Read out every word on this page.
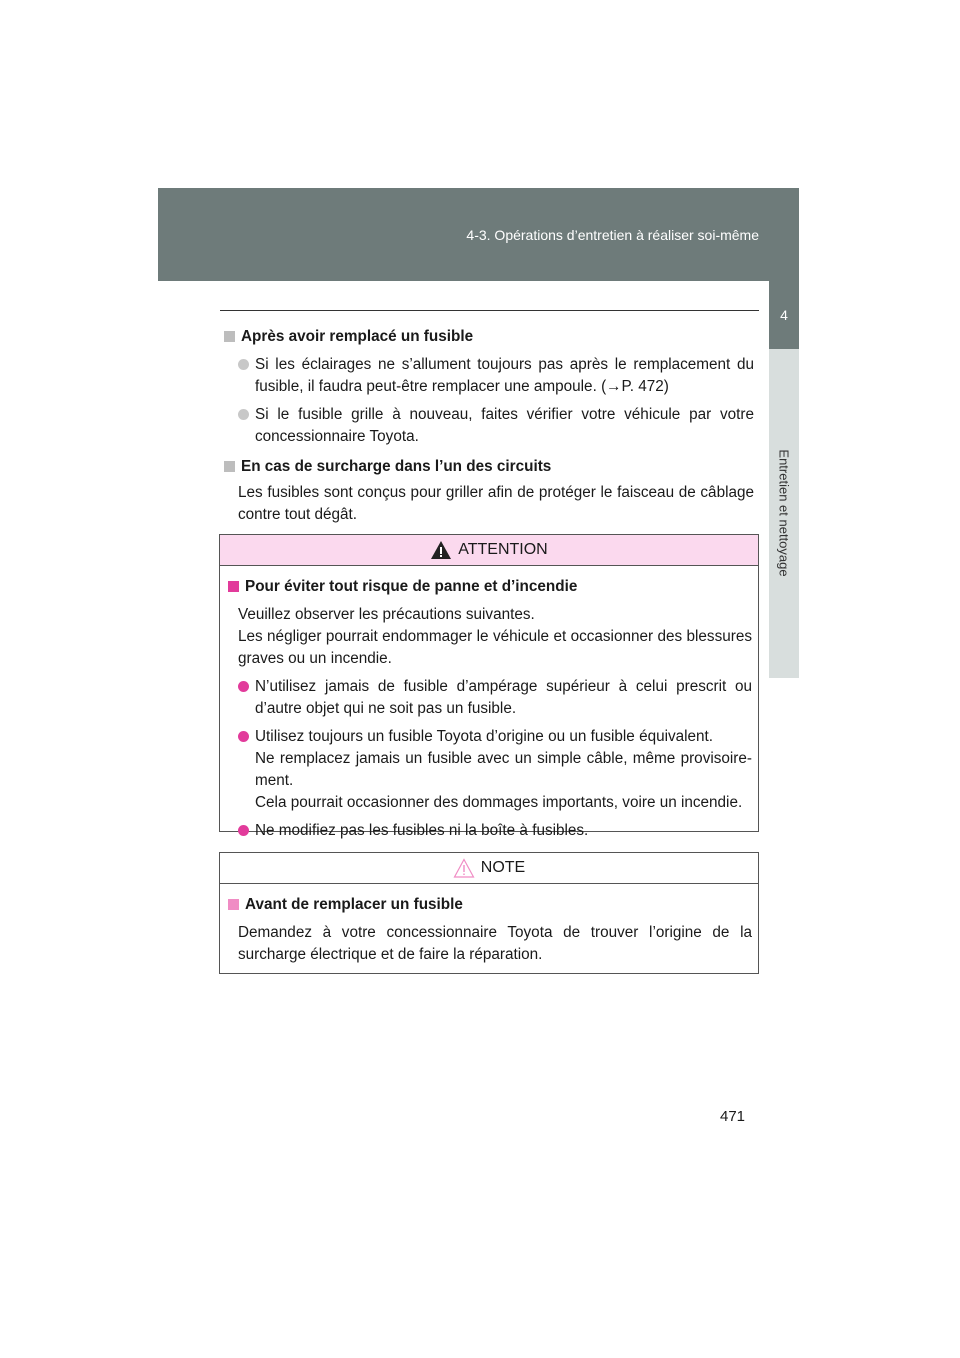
4-3. Opérations d’entretien à réaliser soi-même
4
Entretien et nettoyage
Après avoir remplacé un fusible
Si les éclairages ne s’allument toujours pas après le remplacement du fusible, il faudra peut-être remplacer une ampoule. (→P. 472)
Si le fusible grille à nouveau, faites vérifier votre véhicule par votre concessionnaire Toyota.
En cas de surcharge dans l’un des circuits
Les fusibles sont conçus pour griller afin de protéger le faisceau de câblage contre tout dégât.
ATTENTION
Pour éviter tout risque de panne et d’incendie
Veuillez observer les précautions suivantes.
Les négliger pourrait endommager le véhicule et occasionner des blessures graves ou un incendie.
N’utilisez jamais de fusible d’ampérage supérieur à celui prescrit ou d’autre objet qui ne soit pas un fusible.
Utilisez toujours un fusible Toyota d’origine ou un fusible équivalent.
Ne remplacez jamais un fusible avec un simple câble, même provisoire-ment.
Cela pourrait occasionner des dommages importants, voire un incendie.
Ne modifiez pas les fusibles ni la boîte à fusibles.
NOTE
Avant de remplacer un fusible
Demandez à votre concessionnaire Toyota de trouver l’origine de la surcharge électrique et de faire la réparation.
471
